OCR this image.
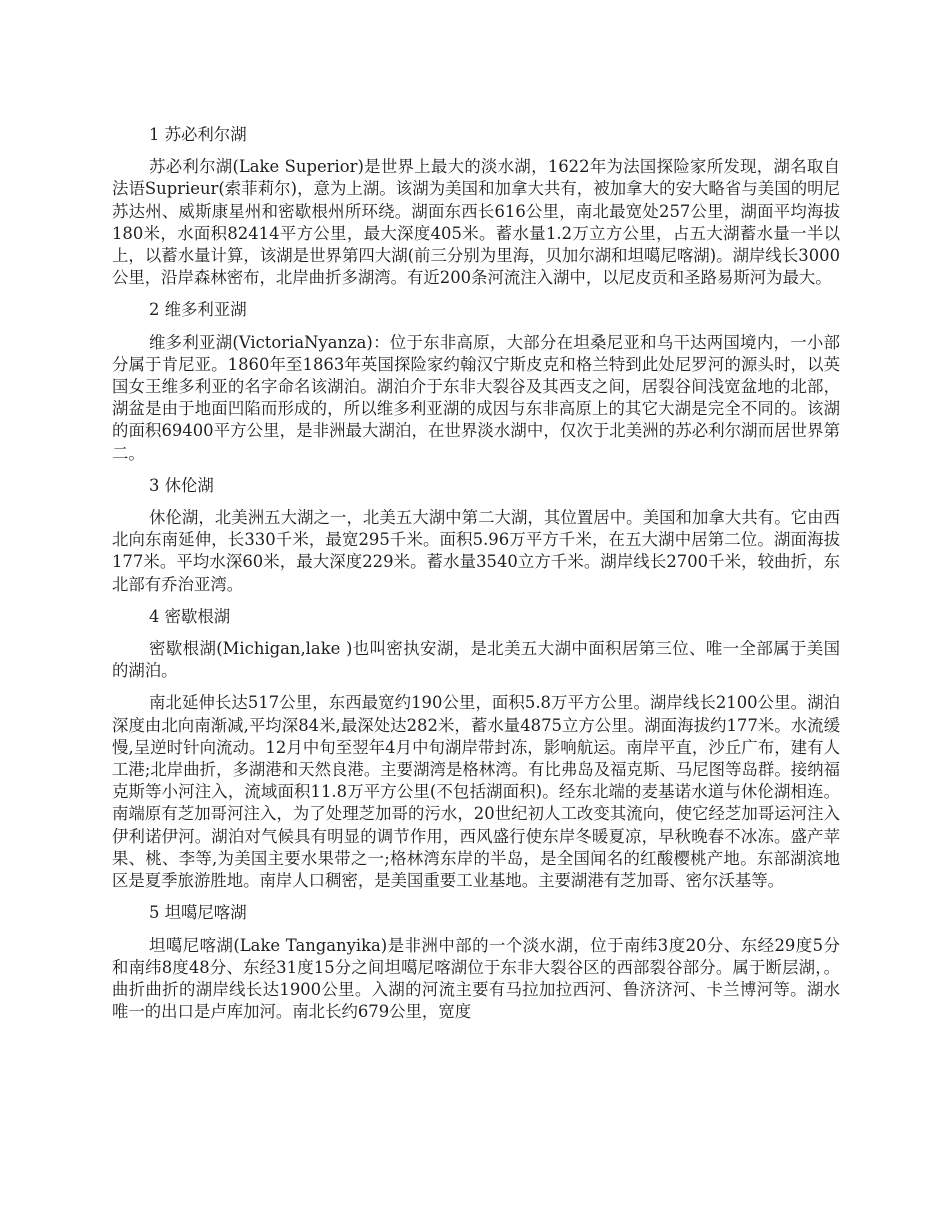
1 苏必利尔湖

苏必利尔湖(Lake Superior)是世界上最大的淡水湖，1622年为法国探险家所发现，湖名取自法语Suprieur(索菲莉尔)，意为上湖。该湖为美国和加拿大共有，被加拿大的安大略省与美国的明尼苏达州、威斯康星州和密歇根州所环绕。湖面东西长616公里，南北最宽处257公里，湖面平均海拔180米，水面积82414平方公里，最大深度405米。蓄水量1.2万立方公里，占五大湖蓄水量一半以上，以蓄水量计算，该湖是世界第四大湖(前三分别为里海，贝加尔湖和坦噶尼喀湖)。湖岸线长3000公里，沿岸森林密布，北岸曲折多湖湾。有近200条河流注入湖中，以尼皮贡和圣路易斯河为最大。

2 维多利亚湖

维多利亚湖(VictoriaNyanza)：位于东非高原，大部分在坦桑尼亚和乌干达两国境内，一小部分属于肯尼亚。1860年至1863年英国探险家约翰汉宁斯皮克和格兰特到此处尼罗河的源头时，以英国女王维多利亚的名字命名该湖泊。湖泊介于东非大裂谷及其西支之间，居裂谷间浅宽盆地的北部，湖盆是由于地面凹陷而形成的，所以维多利亚湖的成因与东非高原上的其它大湖是完全不同的。该湖的面积69400平方公里，是非洲最大湖泊，在世界淡水湖中，仅次于北美洲的苏必利尔湖而居世界第二。

3 休伦湖

休伦湖，北美洲五大湖之一，北美五大湖中第二大湖，其位置居中。美国和加拿大共有。它由西北向东南延伸，长330千米，最宽295千米。面积5.96万平方千米，在五大湖中居第二位。湖面海拔177米。平均水深60米，最大深度229米。蓄水量3540立方千米。湖岸线长2700千米，较曲折，东北部有乔治亚湾。

4 密歇根湖

密歇根湖(Michigan,lake )也叫密执安湖，是北美五大湖中面积居第三位、唯一全部属于美国的湖泊。

南北延伸长达517公里，东西最宽约190公里，面积5.8万平方公里。湖岸线长2100公里。湖泊深度由北向南渐减,平均深84米,最深处达282米，蓄水量4875立方公里。湖面海拔约177米。水流缓慢,呈逆时针向流动。12月中旬至翌年4月中旬湖岸带封冻，影响航运。南岸平直，沙丘广布，建有人工港;北岸曲折，多湖港和天然良港。主要湖湾是格林湾。有比弗岛及福克斯、马尼图等岛群。接纳福克斯等小河注入，流域面积11.8万平方公里(不包括湖面积)。经东北端的麦基诺水道与休伦湖相连。南端原有芝加哥河注入，为了处理芝加哥的污水，20世纪初人工改变其流向，使它经芝加哥运河注入伊利诺伊河。湖泊对气候具有明显的调节作用，西风盛行使东岸冬暖夏凉，早秋晚春不冰冻。盛产苹果、桃、李等,为美国主要水果带之一;格林湾东岸的半岛，是全国闻名的红酸樱桃产地。东部湖滨地区是夏季旅游胜地。南岸人口稠密，是美国重要工业基地。主要湖港有芝加哥、密尔沃基等。

5 坦噶尼喀湖

坦噶尼喀湖(Lake Tanganyika)是非洲中部的一个淡水湖，位于南纬3度20分、东经29度5分和南纬8度48分、东经31度15分之间坦噶尼喀湖位于东非大裂谷区的西部裂谷部分。属于断层湖，。曲折曲折的湖岸线长达1900公里。入湖的河流主要有马拉加拉西河、鲁济济河、卡兰博河等。湖水唯一的出口是卢库加河。南北长约679公里，宽度
